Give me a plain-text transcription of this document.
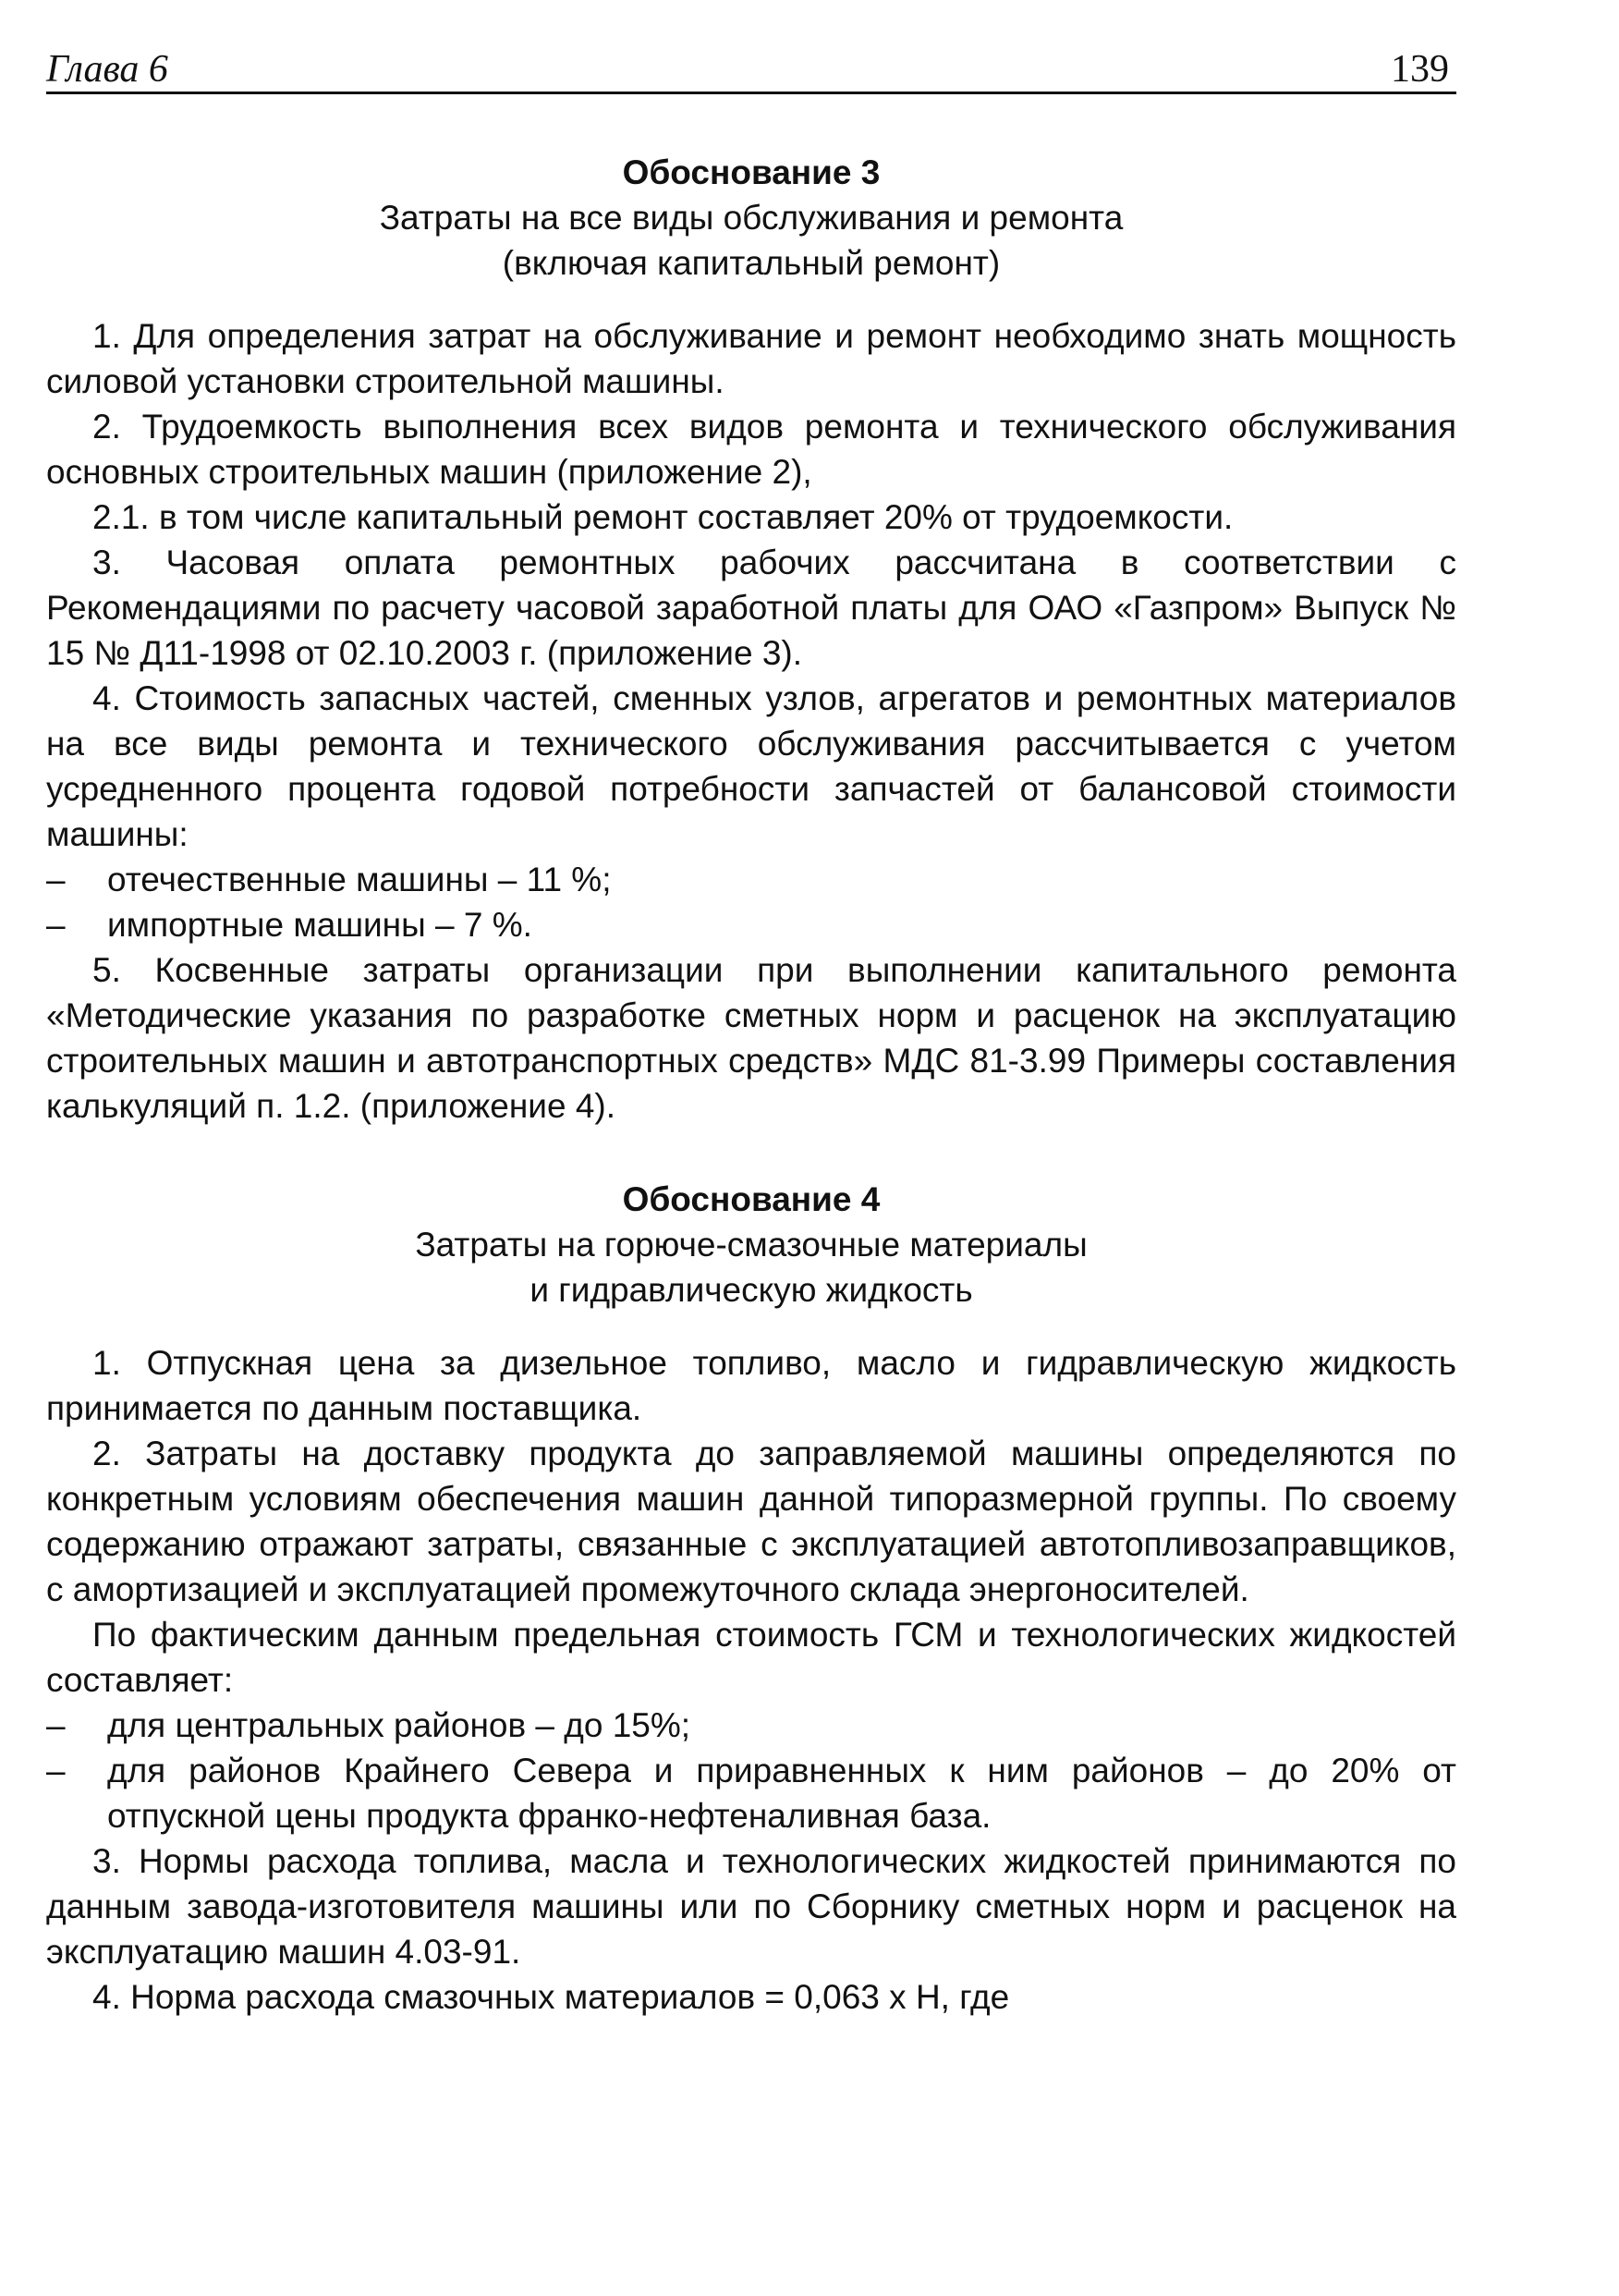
Глава 6	139

Обоснование 3

Затраты на все виды обслуживания и ремонта

(включая капитальный ремонт)

1. Для определения затрат на обслуживание и ремонт необходимо знать мощность силовой установки строительной машины.

2. Трудоемкость выполнения всех видов ремонта и технического обслуживания основных строительных машин (приложение 2),

2.1. в том числе капитальный ремонт составляет 20% от трудоемкости.

3. Часовая оплата ремонтных рабочих рассчитана в соответствии с Рекомендациями по расчету часовой заработной платы для ОАО «Газпром» Выпуск № 15 № Д11-1998 от 02.10.2003 г. (приложение 3).

4. Стоимость запасных частей, сменных узлов, агрегатов и ремонтных материалов на все виды ремонта и технического обслуживания рассчитывается с учетом усредненного процента годовой потребности запчастей от балансовой стоимости машины:

– отечественные машины – 11 %;

– импортные машины – 7 %.

5. Косвенные затраты организации при выполнении капитального ремонта «Методические указания по разработке сметных норм и расценок на эксплуатацию строительных машин и автотранспортных средств» МДС 81-3.99 Примеры составления калькуляций п. 1.2. (приложение 4).

Обоснование 4

Затраты на горюче-смазочные материалы

и гидравлическую жидкость

1. Отпускная цена за дизельное топливо, масло и гидравлическую жидкость принимается по данным поставщика.

2. Затраты на доставку продукта до заправляемой машины определяются по конкретным условиям обеспечения машин данной типоразмерной группы. По своему содержанию отражают затраты, связанные с эксплуатацией автотопливозаправщиков, с амортизацией и эксплуатацией промежуточного склада энергоносителей.

По фактическим данным предельная стоимость ГСМ и технологических жидкостей составляет:

– для центральных районов – до 15%;

– для районов Крайнего Севера и приравненных к ним районов – до 20% от отпускной цены продукта франко-нефтеналивная база.

3. Нормы расхода топлива, масла и технологических жидкостей принимаются по данным завода-изготовителя машины или по Сборнику сметных норм и расценок на эксплуатацию машин 4.03-91.

4. Норма расхода смазочных материалов = 0,063 х Н, где
